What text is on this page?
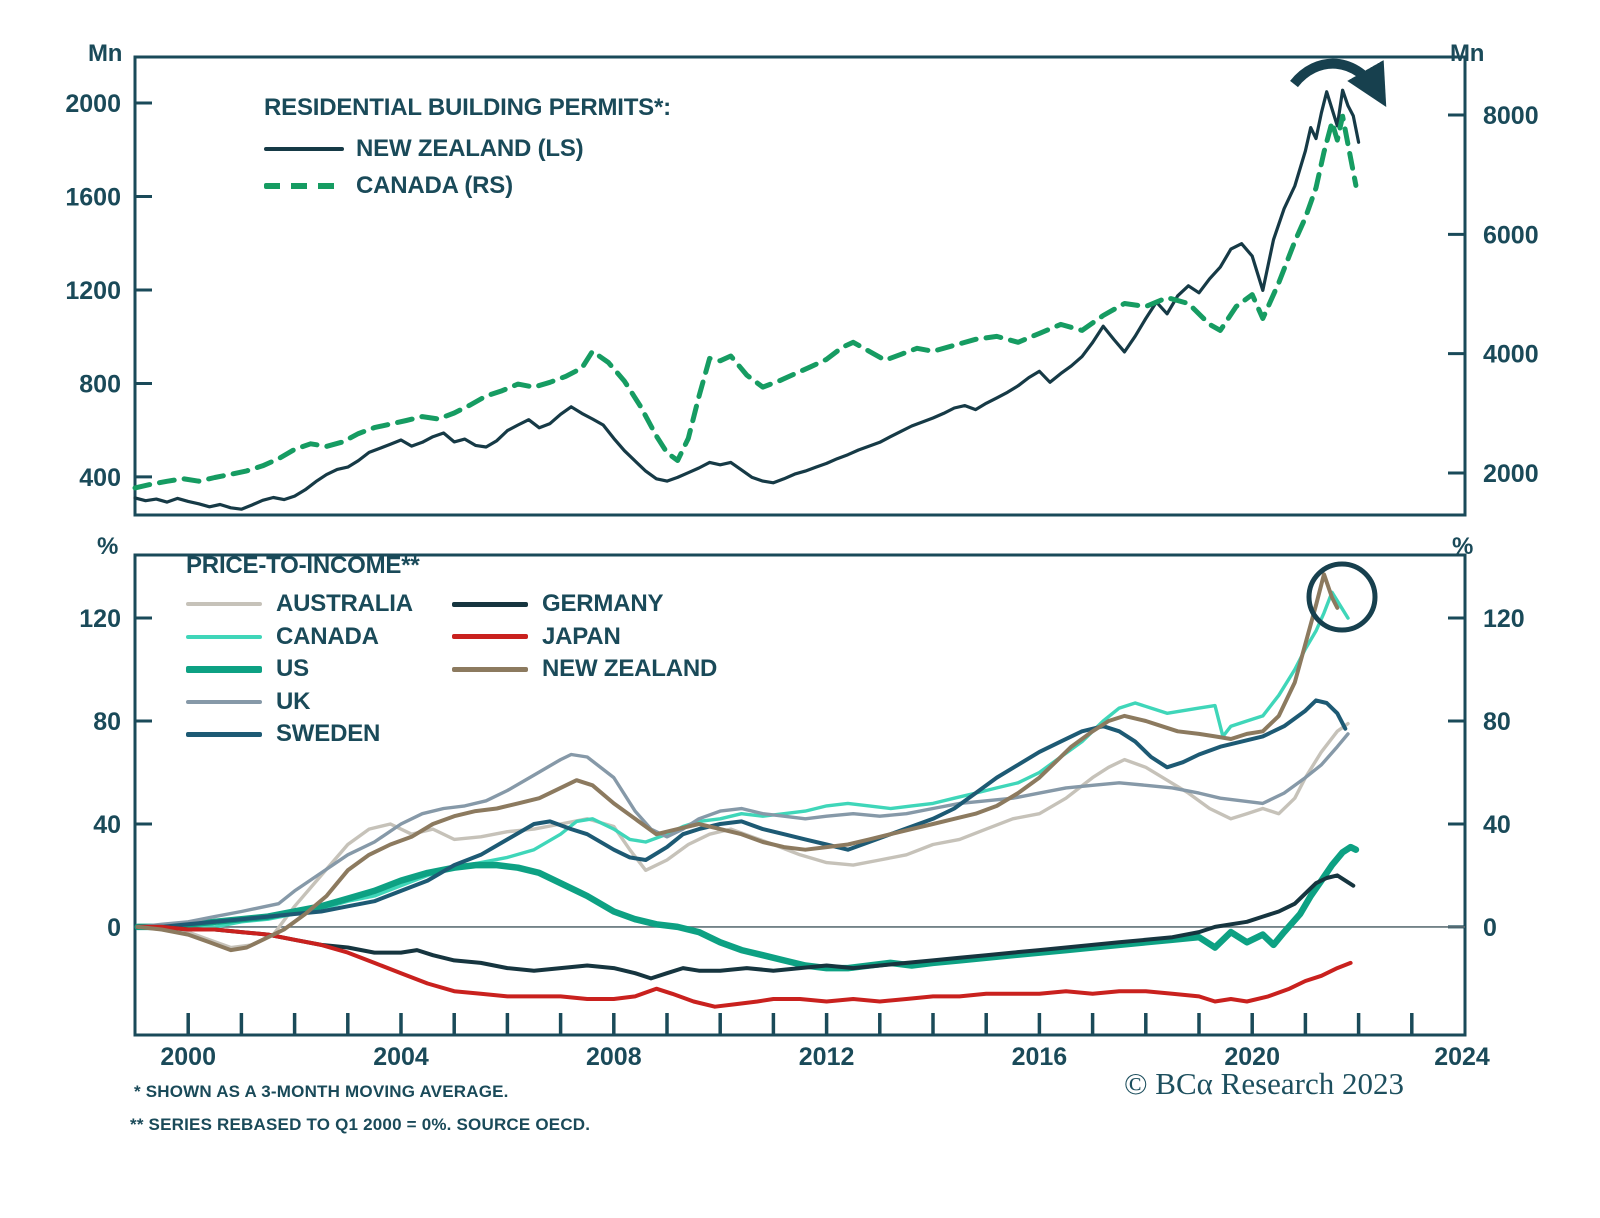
2000
1600
1200
800
400
8000
6000
4000
2000
120
80
40
0
120
80
40
0
2000	2004	2008	2012	2016	2020	2024
Mn	Mn
%	%
RESIDENTIAL BUILDING PERMITS*:
NEW ZEALAND (LS)
CANADA (RS)
PRICE-TO-INCOME**
AUSTRALIA	GERMANY
CANADA	JAPAN
US	NEW ZEALAND
UK
SWEDEN
* SHOWN AS A 3-MONTH MOVING AVERAGE.
** SERIES REBASED TO Q1 2000 = 0%. SOURCE OECD.
© BCα Research 2023
